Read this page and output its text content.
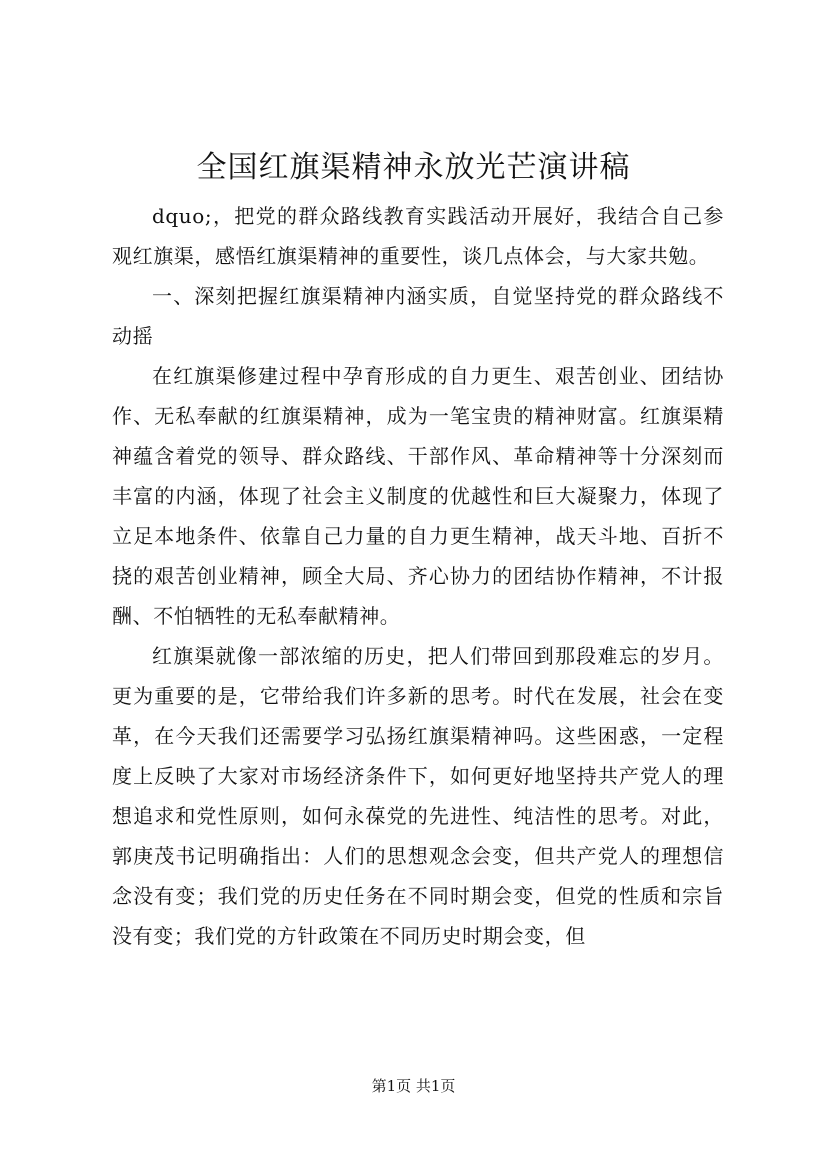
全国红旗渠精神永放光芒演讲稿

dquo;，把党的群众路线教育实践活动开展好，我结合自己参观红旗渠，感悟红旗渠精神的重要性，谈几点体会，与大家共勉。

一、深刻把握红旗渠精神内涵实质，自觉坚持党的群众路线不动摇

在红旗渠修建过程中孕育形成的自力更生、艰苦创业、团结协作、无私奉献的红旗渠精神，成为一笔宝贵的精神财富。红旗渠精神蕴含着党的领导、群众路线、干部作风、革命精神等十分深刻而丰富的内涵，体现了社会主义制度的优越性和巨大凝聚力，体现了立足本地条件、依靠自己力量的自力更生精神，战天斗地、百折不挠的艰苦创业精神，顾全大局、齐心协力的团结协作精神，不计报酬、不怕牺牲的无私奉献精神。

红旗渠就像一部浓缩的历史，把人们带回到那段难忘的岁月。更为重要的是，它带给我们许多新的思考。时代在发展，社会在变革，在今天我们还需要学习弘扬红旗渠精神吗。这些困惑，一定程度上反映了大家对市场经济条件下，如何更好地坚持共产党人的理想追求和党性原则，如何永葆党的先进性、纯洁性的思考。对此，郭庚茂书记明确指出：人们的思想观念会变，但共产党人的理想信念没有变；我们党的历史任务在不同时期会变，但党的性质和宗旨没有变；我们党的方针政策在不同历史时期会变，但

第1页 共1页
